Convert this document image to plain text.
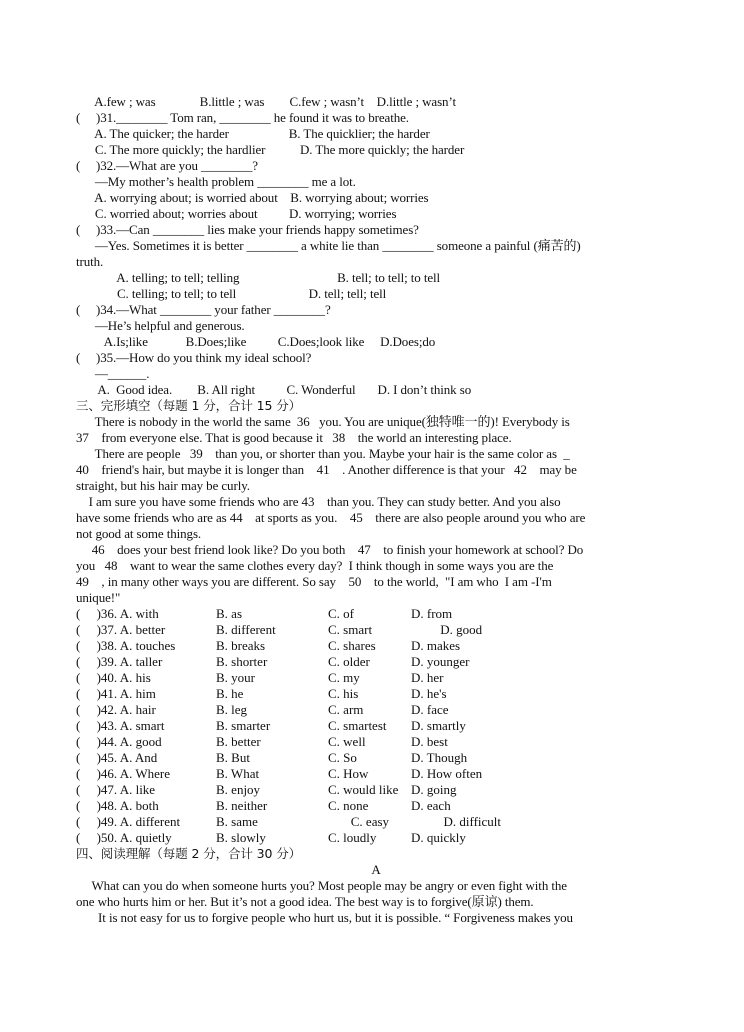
A.few ; was              B.little ; was        C.few ; wasn’t    D.little ; wasn’t
(     )31.________ Tom ran, ________ he found it was to breathe.
A. The quicker; the harder                   B. The quicklier; the harder
C. The more quickly; the hardlier           D. The more quickly; the harder
(     )32.—What are you ________?
—My mother’s health problem ________ me a lot.
A. worrying about; is worried about    B. worrying about; worries
C. worried about; worries about          D. worrying; worries
(     )33.—Can ________ lies make your friends happy sometimes?
—Yes. Sometimes it is better ________ a white lie than ________ someone a painful (痛苦的)
truth.
A. telling; to tell; telling                               B. tell; to tell; to tell
C. telling; to tell; to tell                       D. tell; tell; tell
(     )34.—What ________ your father ________?
—He’s helpful and generous.
A.Is;like            B.Does;like          C.Does;look like     D.Does;do
(     )35.—How do you think my ideal school?
—______.
A.  Good idea.        B. All right          C. Wonderful       D. I don’t think so
三、完形填空（每题 1 分，合计 15 分）
There is nobody in the world the same  36   you. You are unique(独特唯一的)! Everybody is
37    from everyone else. That is good because it   38    the world an interesting place.
There are people   39    than you, or shorter than you. Maybe your hair is the same color as  _
40    friend's hair, but maybe it is longer than    41    . Another difference is that your   42    may be
straight, but his hair may be curly.
I am sure you have some friends who are 43    than you. They can study better. And you also
have some friends who are as 44    at sports as you.    45    there are also people around you who are
not good at some things.
46    does your best friend look like? Do you both    47    to finish your homework at school? Do
you   48    want to wear the same clothes every day?  I think though in some ways you are the
49    , in many other ways you are different. So say    50    to the world,  "I am who  I am -I'm
unique!"
(     )36. A. with	B. as	C. of	D. from
(     )37. A. better	B. different	C. smart	D. good
(     )38. A. touches	B. breaks	C. shares	D. makes
(     )39. A. taller	B. shorter	C. older	D. younger
(     )40. A. his	B. your	C. my	D. her
(     )41. A. him	B. he	C. his	D. he's
(     )42. A. hair	B. leg	C. arm	D. face
(     )43. A. smart	B. smarter	C. smartest D. smartly
(     )44. A. good	B. better	C. well	D. best
(     )45. A. And	B. But	C. So	D. Though
(     )46. A. Where	B. What	C. How	D. How often
(     )47. A. like	B. enjoy	C. would like D. going
(     )48. A. both	B. neither	C. none	D. each
(     )49. A. different	B. same	C. easy D. difficult
(     )50. A. quietly	B. slowly	C. loudly	D. quickly
四、阅读理解（每题 2 分，合计 30 分）
A
What can you do when someone hurts you? Most people may be angry or even fight with the
one who hurts him or her. But it’s not a good idea. The best way is to forgive(原谅) them.
It is not easy for us to forgive people who hurt us, but it is possible. “ Forgiveness makes you
